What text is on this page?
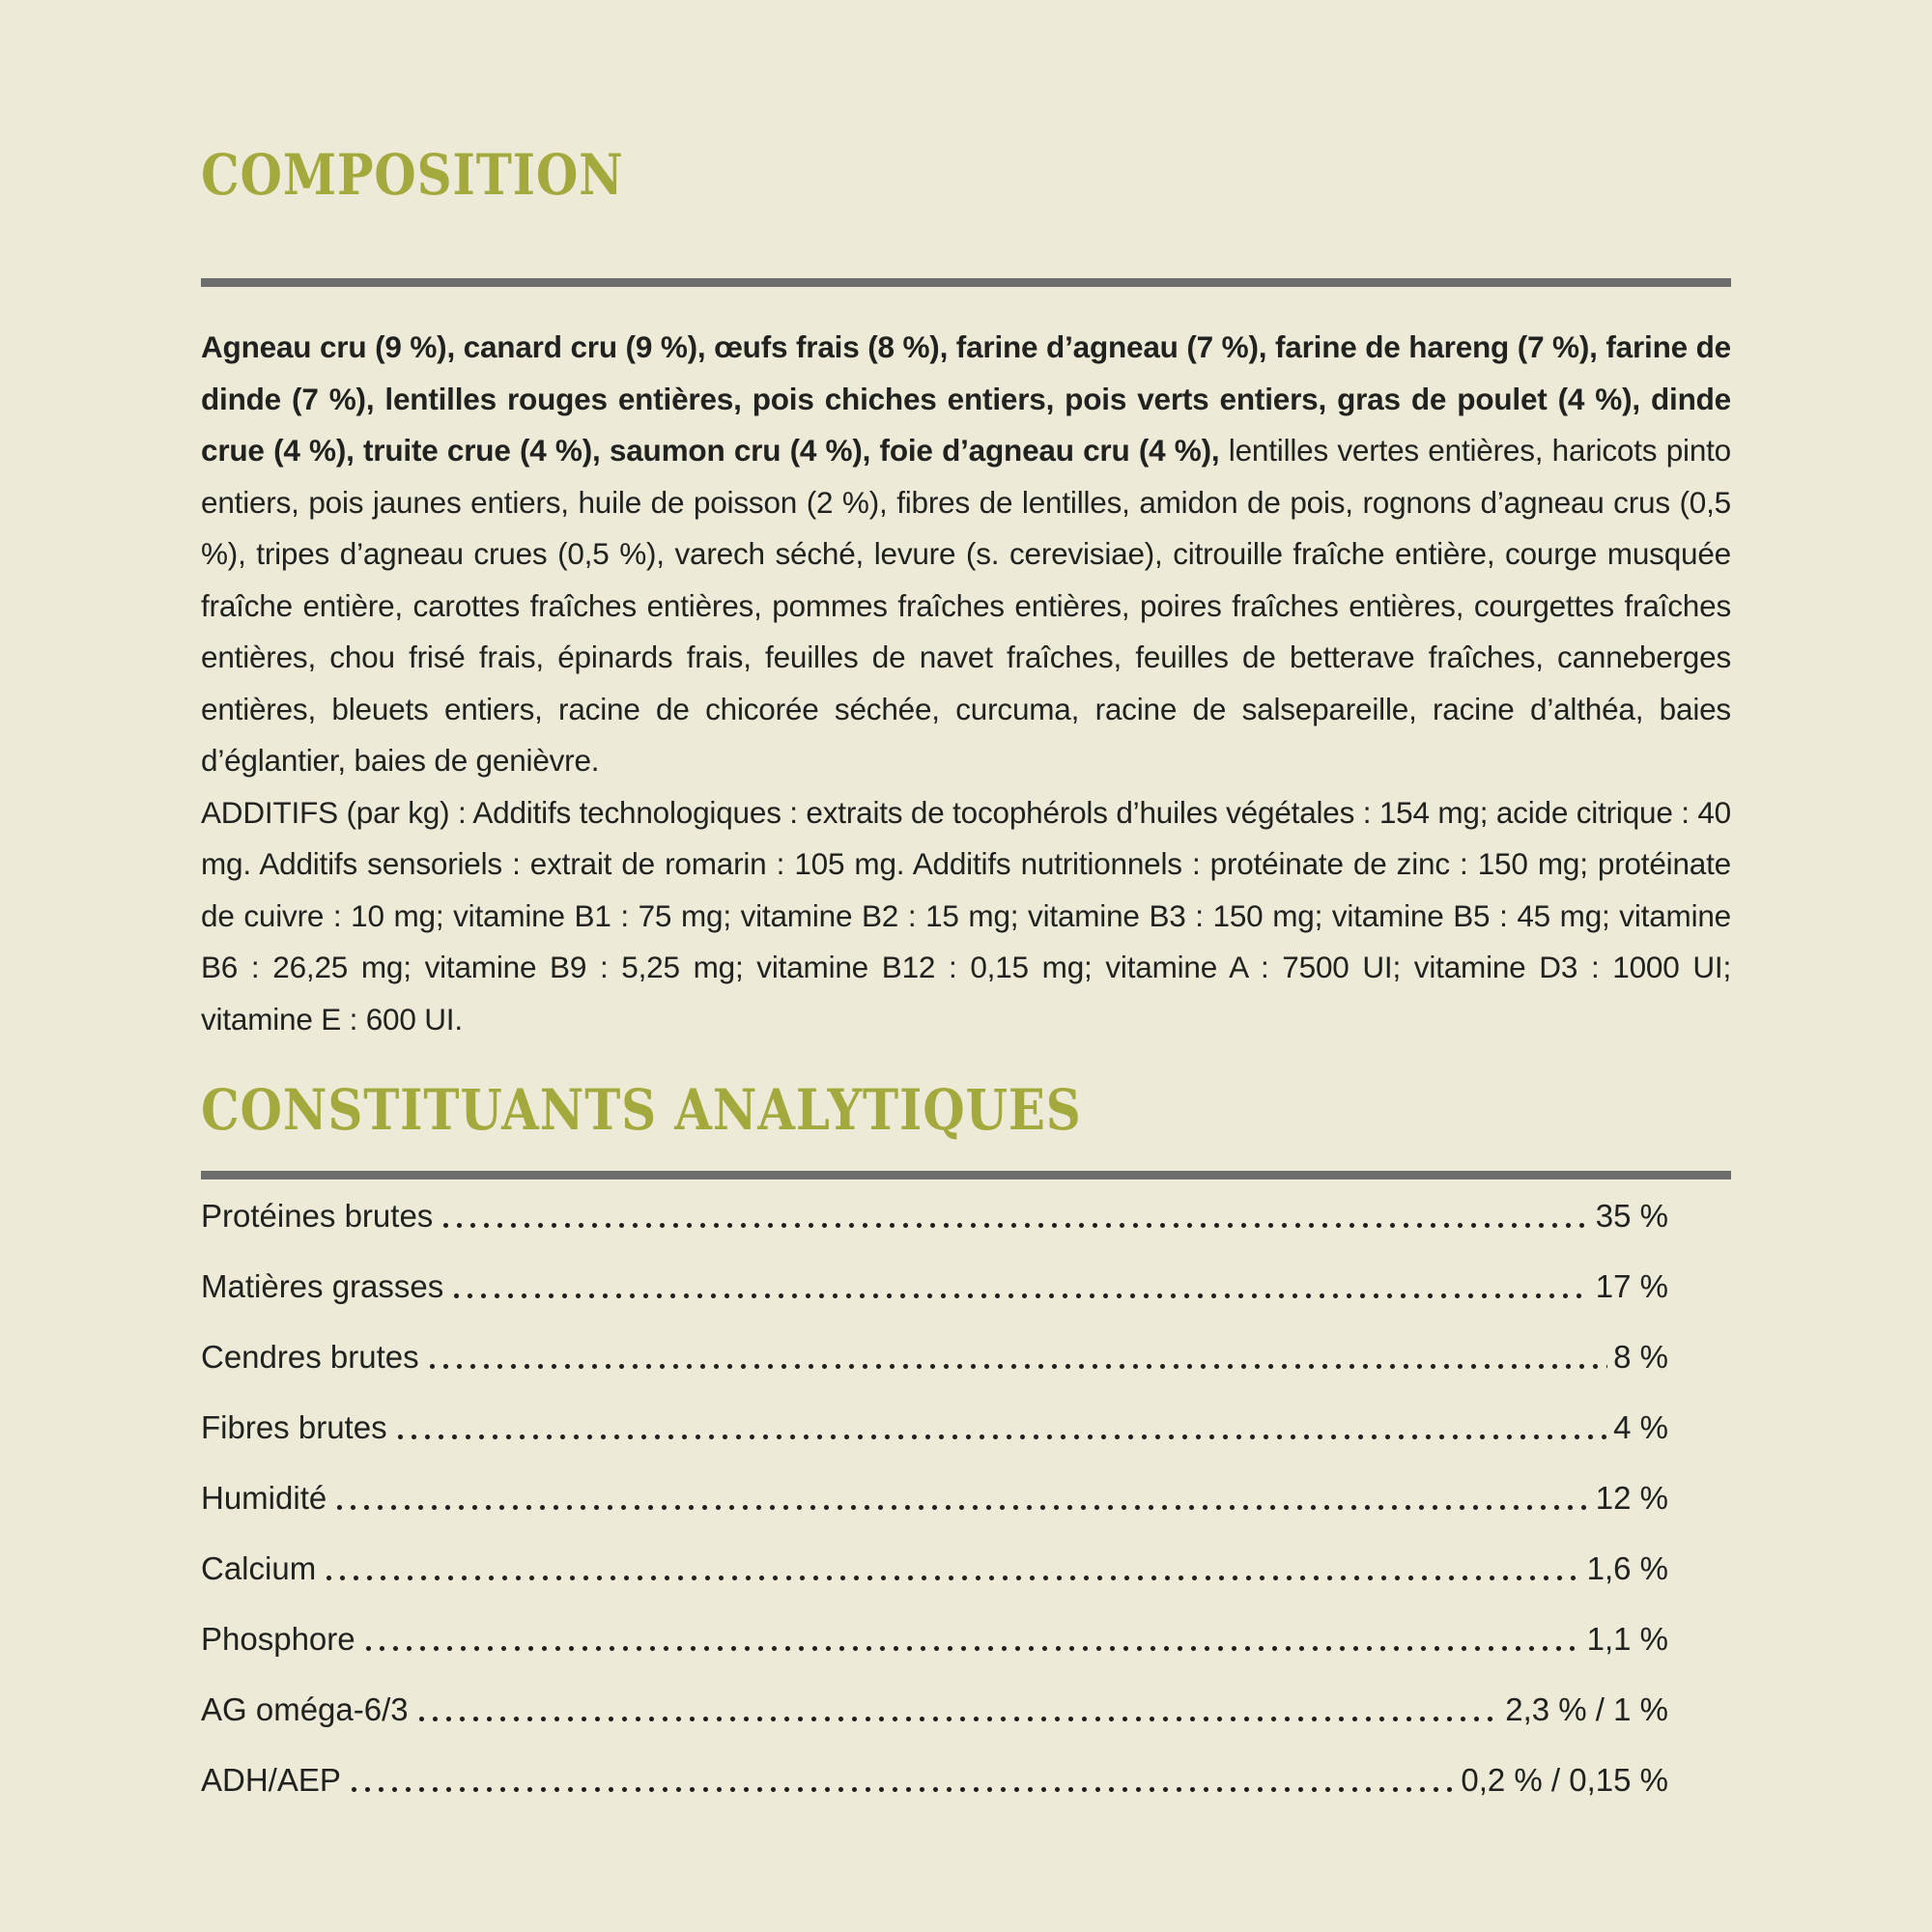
COMPOSITION

Agneau cru (9 %), canard cru (9 %), œufs frais (8 %), farine d’agneau (7 %), farine de hareng (7 %), farine de dinde (7 %), lentilles rouges entières, pois chiches entiers, pois verts entiers, gras de poulet (4 %), dinde crue (4 %), truite crue (4 %), saumon cru (4 %), foie d’agneau cru (4 %), lentilles vertes entières, haricots pinto entiers, pois jaunes entiers, huile de poisson (2 %), fibres de lentilles, amidon de pois, rognons d’agneau crus (0,5 %), tripes d’agneau crues (0,5 %), varech séché, levure (s. cerevisiae), citrouille fraîche entière, courge musquée fraîche entière, carottes fraîches entières, pommes fraîches entières, poires fraîches entières, courgettes fraîches entières, chou frisé frais, épinards frais, feuilles de navet fraîches, feuilles de betterave fraîches, canneberges entières, bleuets entiers, racine de chicorée séchée, curcuma, racine de salsepareille, racine d’althéa, baies d’églantier, baies de genièvre.

ADDITIFS (par kg) : Additifs technologiques : extraits de tocophérols d’huiles végétales : 154 mg; acide citrique : 40 mg. Additifs sensoriels : extrait de romarin : 105 mg. Additifs nutritionnels : protéinate de zinc : 150 mg; protéinate de cuivre : 10 mg; vitamine B1 : 75 mg; vitamine B2 : 15 mg; vitamine B3 : 150 mg; vitamine B5 : 45 mg; vitamine B6 : 26,25 mg; vitamine B9 : 5,25 mg; vitamine B12 : 0,15 mg; vitamine A : 7500 UI; vitamine D3 : 1000 UI; vitamine E : 600 UI.

CONSTITUANTS ANALYTIQUES
Protéines brutes	35 %
Matières grasses	17 %
Cendres brutes	8 %
Fibres brutes	4 %
Humidité	12 %
Calcium	1,6 %
Phosphore	1,1 %
AG oméga-6/3	2,3 % / 1 %
ADH/AEP	0,2 % / 0,15 %
